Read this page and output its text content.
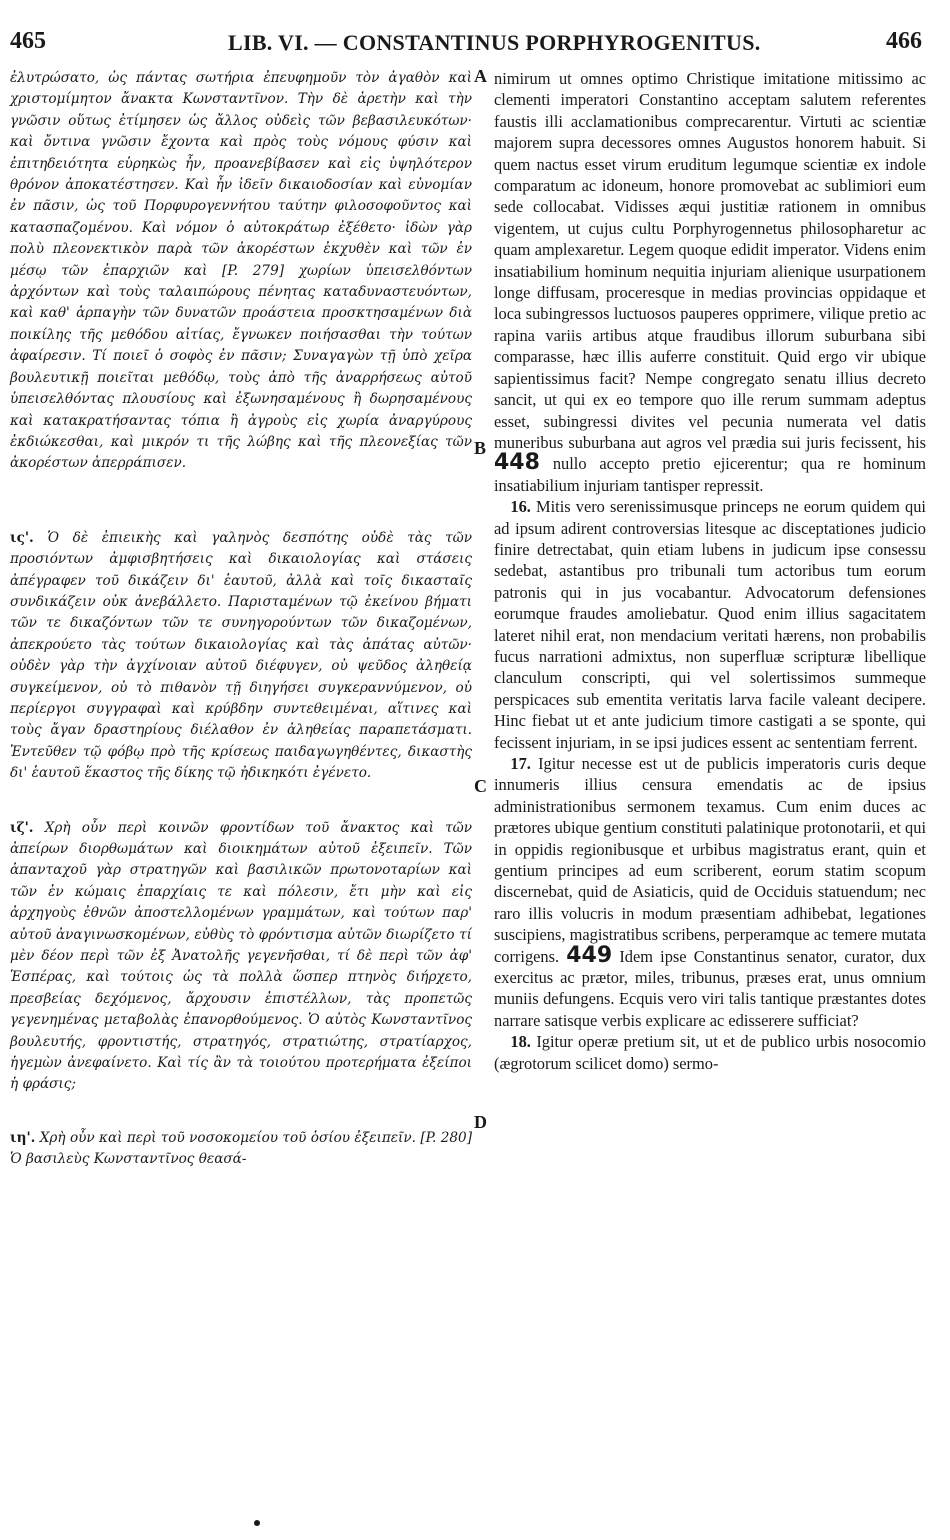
465	LIB. VI. — CONSTANTINUS PORPHYROGENITUS.	466

ἐλυτρώσατο, ὡς πάντας σωτήρια ἐπευφημοῦν τὸν ἀγαθὸν καὶ χριστομίμητον ἄνακτα Κωνσταντῖνον. Τὴν δὲ ἀρετὴν καὶ τὴν γνῶσιν οὕτως ἐτίμησεν ὡς ἄλλος οὐδεὶς τῶν βεβασιλευκότων· καὶ ὄντινα γνῶσιν ἔχοντα καὶ πρὸς τοὺς νόμους φύσιν καὶ ἐπιτηδειότητα εὑρηκὼς ἦν, προανεβίβασεν καὶ εἰς ὑψηλότερον θρόνον ἀποκατέστησεν. Καὶ ἦν ἰδεῖν δικαιοδοσίαν καὶ εὐνομίαν ἐν πᾶσιν, ὡς τοῦ Πορφυρογεννήτου ταύτην φιλοσοφοῦντος καὶ κατασπαζομένου. Καὶ νόμον ὁ αὐτοκράτωρ ἐξέθετο· ἰδὼν γὰρ πολὺ πλεονεκτικὸν παρὰ τῶν ἀκορέστων ἐκχυθὲν καὶ τῶν ἐν μέσῳ τῶν ἐπαρχιῶν καὶ [P. 279] χωρίων ὑπεισελθόντων ἀρχόντων καὶ τοὺς ταλαιπώρους πένητας καταδυναστευόντων, καὶ καθ' ἁρπαγὴν τῶν δυνατῶν προάστεια προσκτησαμένων διὰ ποικίλης τῆς μεθόδου αἰτίας, ἔγνωκεν ποιήσασθαι τὴν τούτων ἀφαίρεσιν. Τί ποιεῖ ὁ σοφὸς ἐν πᾶσιν; Συναγαγὼν τῇ ὑπὸ χεῖρα βουλευτικῇ ποιεῖται μεθόδῳ, τοὺς ἀπὸ τῆς ἀναρρήσεως αὐτοῦ ὑπεισελθόντας πλουσίους καὶ ἐξωνησαμένους ἢ δωρησαμένους καὶ κατακρατήσαντας τόπια ἢ ἀγροὺς εἰς χωρία ἀναργύρους ἐκδιώκεσθαι, καὶ μικρόν τι τῆς λώβης καὶ τῆς πλεονεξίας τῶν ἀκορέστων ἀπερράπισεν.

ις'. Ὁ δὲ ἐπιεικὴς καὶ γαληνὸς δεσπότης οὐδὲ τὰς τῶν προσιόντων ἀμφισβητήσεις καὶ δικαιολογίας καὶ στάσεις ἀπέγραφεν τοῦ δικάζειν δι' ἑαυτοῦ, ἀλλὰ καὶ τοῖς δικασταῖς συνδικάζειν οὐκ ἀνεβάλλετο. Παρισταμένων τῷ ἐκείνου βήματι τῶν τε δικαζόντων τῶν τε συνηγορούντων τῶν δικαζομένων, ἀπεκρούετο τὰς τούτων δικαιολογίας καὶ τὰς ἀπάτας αὐτῶν· οὐδὲν γὰρ τὴν ἀγχίνοιαν αὐτοῦ διέφυγεν, οὐ ψεῦδος ἀληθείᾳ συγκείμενον, οὐ τὸ πιθανὸν τῇ διηγήσει συγκεραννύμενον, οὐ περίεργοι συγγραφαὶ καὶ κρύβδην συντεθειμέναι, αἵτινες καὶ τοὺς ἄγαν δραστηρίους διέλαθον ἐν ἀληθείας παραπετάσματι. Ἐντεῦθεν τῷ φόβῳ πρὸ τῆς κρίσεως παιδαγωγηθέντες, δικαστὴς δι' ἑαυτοῦ ἕκαστος τῆς δίκης τῷ ἠδικηκότι ἐγένετο.

ιζ'. Χρὴ οὖν περὶ κοινῶν φροντίδων τοῦ ἄνακτος καὶ τῶν ἀπείρων διορθωμάτων καὶ διοικημάτων αὐτοῦ ἐξειπεῖν. Τῶν ἁπανταχοῦ γὰρ στρατηγῶν καὶ βασιλικῶν πρωτονοταρίων καὶ τῶν ἐν κώμαις ἐπαρχίαις τε καὶ πόλεσιν, ἔτι μὴν καὶ εἰς ἀρχηγοὺς ἐθνῶν ἀποστελλομένων γραμμάτων, καὶ τούτων παρ' αὐτοῦ ἀναγινωσκομένων, εὐθὺς τὸ φρόντισμα αὐτῶν διωρίζετο τί μὲν δέον περὶ τῶν ἐξ Ἀνατολῆς γεγενῆσθαι, τί δὲ περὶ τῶν ἀφ' Ἑσπέρας, καὶ τούτοις ὡς τὰ πολλὰ ὥσπερ πτηνὸς διήρχετο, πρεσβείας δεχόμενος, ἄρχουσιν ἐπιστέλλων, τὰς προπετῶς γεγενημένας μεταβολὰς ἐπανορθούμενος. Ὁ αὐτὸς Κωνσταντῖνος βουλευτής, φροντιστής, στρατηγός, στρατιώτης, στρατίαρχος, ἡγεμὼν ἀνεφαίνετο. Καὶ τίς ἂν τὰ τοιούτου προτερήματα ἐξείποι ἡ φράσις;

ιη'. Χρὴ οὖν καὶ περὶ τοῦ νοσοκομείου τοῦ ὁσίου ἐξειπεῖν. [P. 280] Ὁ βασιλεὺς Κωνσταντῖνος θεασά-

A
B
C
D

nimirum ut omnes optimo Christique imitatione mitissimo ac clementi imperatori Constantino acceptam salutem referentes faustis illi acclamationibus comprecarentur. Virtuti ac scientiæ majorem supra decessores omnes Augustos honorem habuit. Si quem nactus esset virum eruditum legumque scientiæ ex indole comparatum ac idoneum, honore promovebat ac sublimiori eum sede collocabat. Vidisses æqui justitiæ rationem in omnibus vigentem, ut cujus cultu Porphyrogennetus philosopharetur ac quam amplexaretur. Legem quoque edidit imperator. Videns enim insatiabilium hominum nequitia injuriam alienique usurpationem longe diffusam, proceresque in medias provincias oppidaque et loca subingressos luctuosos pauperes opprimere, vilique pretio ac rapina variis artibus atque fraudibus illorum suburbana sibi comparasse, hæc illis auferre constituit. Quid ergo vir ubique sapientissimus facit? Nempe congregato senatu illius decreto sancit, ut qui ex eo tempore quo ille rerum summam adeptus esset, subingressi divites vel pecunia numerata vel datis muneribus suburbana aut agros vel prædia sui juris fecissent, his 448 nullo accepto pretio ejicerentur; qua re hominum insatiabilium injuriam tantisper repressit.

 16. Mitis vero serenissimusque princeps ne eorum quidem qui ad ipsum adirent controversias litesque ac disceptationes judicio finire detrectabat, quin etiam lubens in judicum ipse consessu sedebat, astantibus pro tribunali tum actoribus tum eorum patronis qui in jus vocabantur. Advocatorum defensiones eorumque fraudes amoliebatur. Quod enim illius sagacitatem lateret nihil erat, non mendacium veritati hærens, non probabilis fucus narrationi admixtus, non superfluæ scripturæ libellique clanculum conscripti, qui vel solertissimos summeque perspicaces sub ementita veritatis larva facile valeant decipere. Hinc fiebat ut et ante judicium timore castigati a se sponte, qui fecissent injuriam, in se ipsi judices essent ac sententiam ferrent.

 17. Igitur necesse est ut de publicis imperatoris curis deque innumeris illius censura emendatis ac de ipsius administrationibus sermonem texamus. Cum enim duces ac prætores ubique gentium constituti palatinique protonotarii, et qui in oppidis regionibusque et urbibus magistratus erant, quin et gentium principes ad eum scriberent, eorum statim scopum discernebat, quid de Asiaticis, quid de Occiduis statuendum; nec raro illis volucris in modum præsentiam adhibebat, legationes suscipiens, magistratibus scribens, perperamque ac temere mutata corrigens. 449 Idem ipse Constantinus senator, curator, dux exercitus ac prætor, miles, tribunus, præses erat, unus omnium muniis defungens. Ecquis vero viri talis tantique præstantes dotes narrare satisque verbis explicare ac edisserere sufficiat?

 18. Igitur operæ pretium sit, ut et de publico urbis nosocomio (ægrotorum scilicet domo) sermo-
